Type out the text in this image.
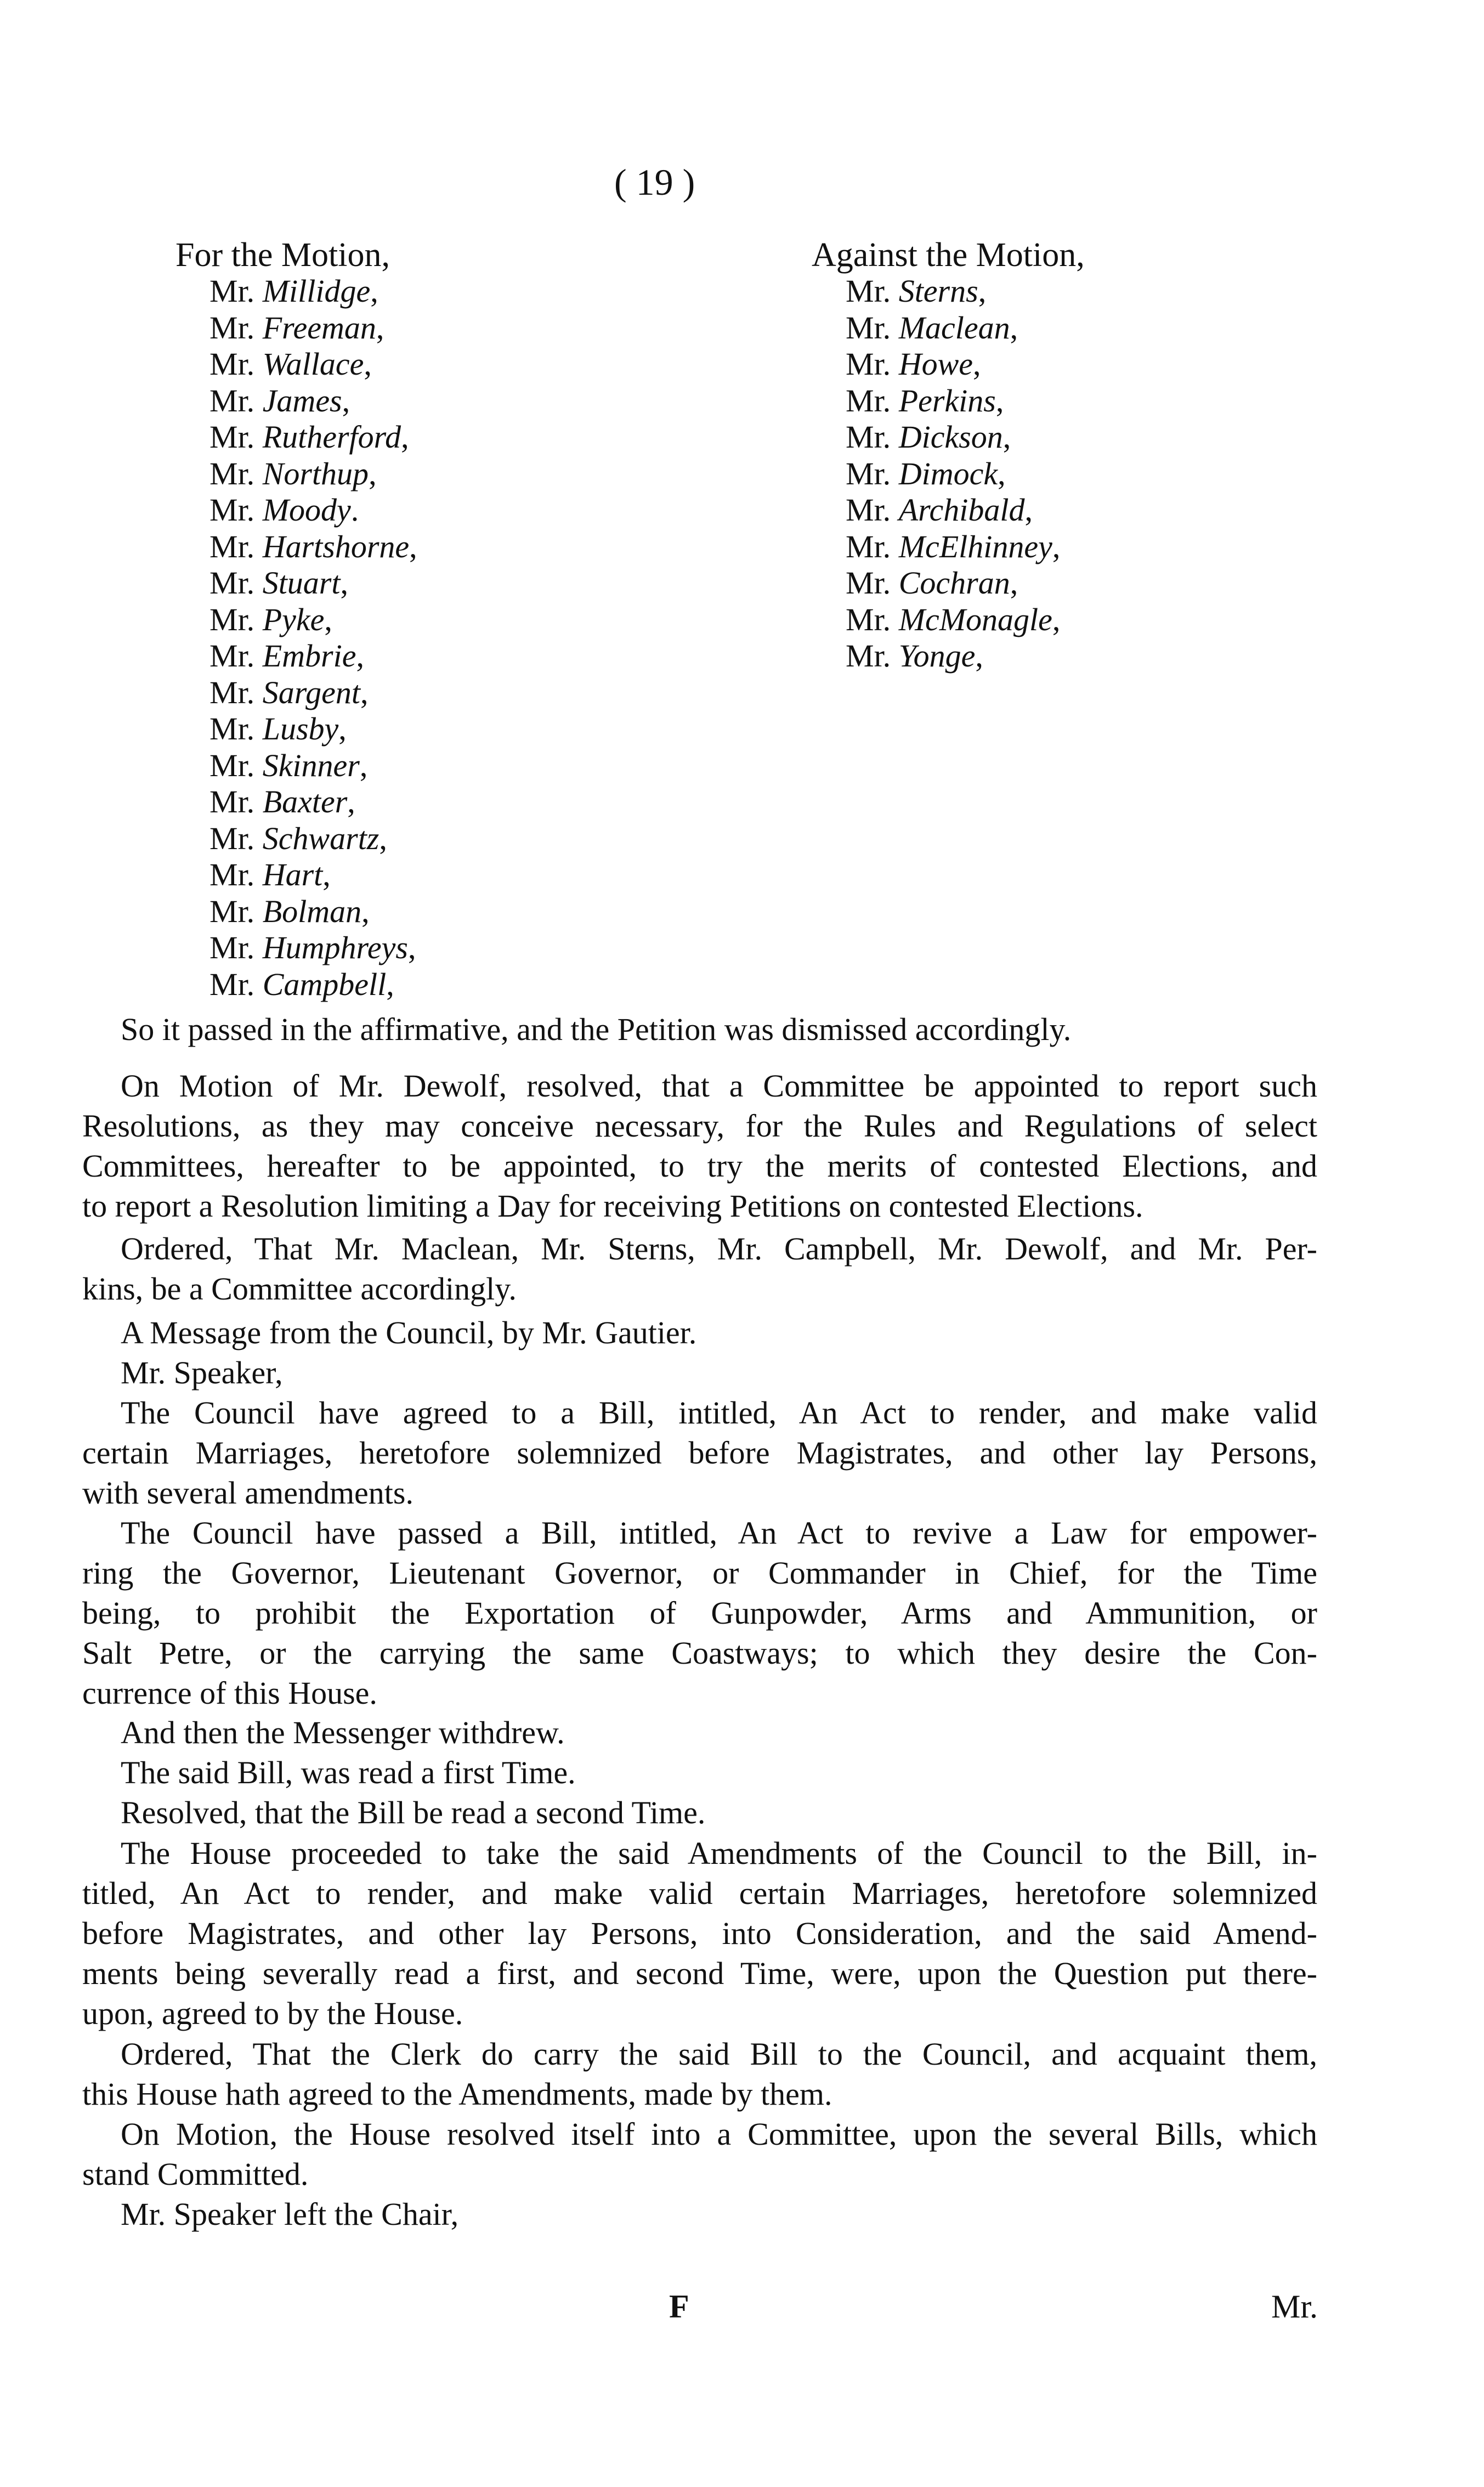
( 19 )
For the Motion,
Mr. Millidge,
Mr. Freeman,
Mr. Wallace,
Mr. James,
Mr. Rutherford,
Mr. Northup,
Mr. Moody.
Mr. Hartshorne,
Mr. Stuart,
Mr. Pyke,
Mr. Embrie,
Mr. Sargent,
Mr. Lusby,
Mr. Skinner,
Mr. Baxter,
Mr. Schwartz,
Mr. Hart,
Mr. Bolman,
Mr. Humphreys,
Mr. Campbell,
Against the Motion,
Mr. Sterns,
Mr. Maclean,
Mr. Howe,
Mr. Perkins,
Mr. Dickson,
Mr. Dimock,
Mr. Archibald,
Mr. McElhinney,
Mr. Cochran,
Mr. McMonagle,
Mr. Yonge,
So it passed in the affirmative, and the Petition was dismissed accordingly.
On Motion of Mr. Dewolf, resolved, that a Committee be appointed to report such
Resolutions, as they may conceive necessary, for the Rules and Regulations of select
Committees, hereafter to be appointed, to try the merits of contested Elections, and
to report a Resolution limiting a Day for receiving Petitions on contested Elections.
Ordered, That Mr. Maclean, Mr. Sterns, Mr. Campbell, Mr. Dewolf, and Mr. Per-
kins, be a Committee accordingly.
A Message from the Council, by Mr. Gautier.
Mr. Speaker,
The Council have agreed to a Bill, intitled, An Act to render, and make valid
certain Marriages, heretofore solemnized before Magistrates, and other lay Persons,
with several amendments.
The Council have passed a Bill, intitled, An Act to revive a Law for empower-
ring the Governor, Lieutenant Governor, or Commander in Chief, for the Time
being, to prohibit the Exportation of Gunpowder, Arms and Ammunition, or
Salt Petre, or the carrying the same Coastways; to which they desire the Con-
currence of this House.
And then the Messenger withdrew.
The said Bill, was read a first Time.
Resolved, that the Bill be read a second Time.
The House proceeded to take the said Amendments of the Council to the Bill, in-
titled, An Act to render, and make valid certain Marriages, heretofore solemnized
before Magistrates, and other lay Persons, into Consideration, and the said Amend-
ments being severally read a first, and second Time, were, upon the Question put there-
upon, agreed to by the House.
Ordered, That the Clerk do carry the said Bill to the Council, and acquaint them,
this House hath agreed to the Amendments, made by them.
On Motion, the House resolved itself into a Committee, upon the several Bills, which
stand Committed.
Mr. Speaker left the Chair,
F	Mr.
